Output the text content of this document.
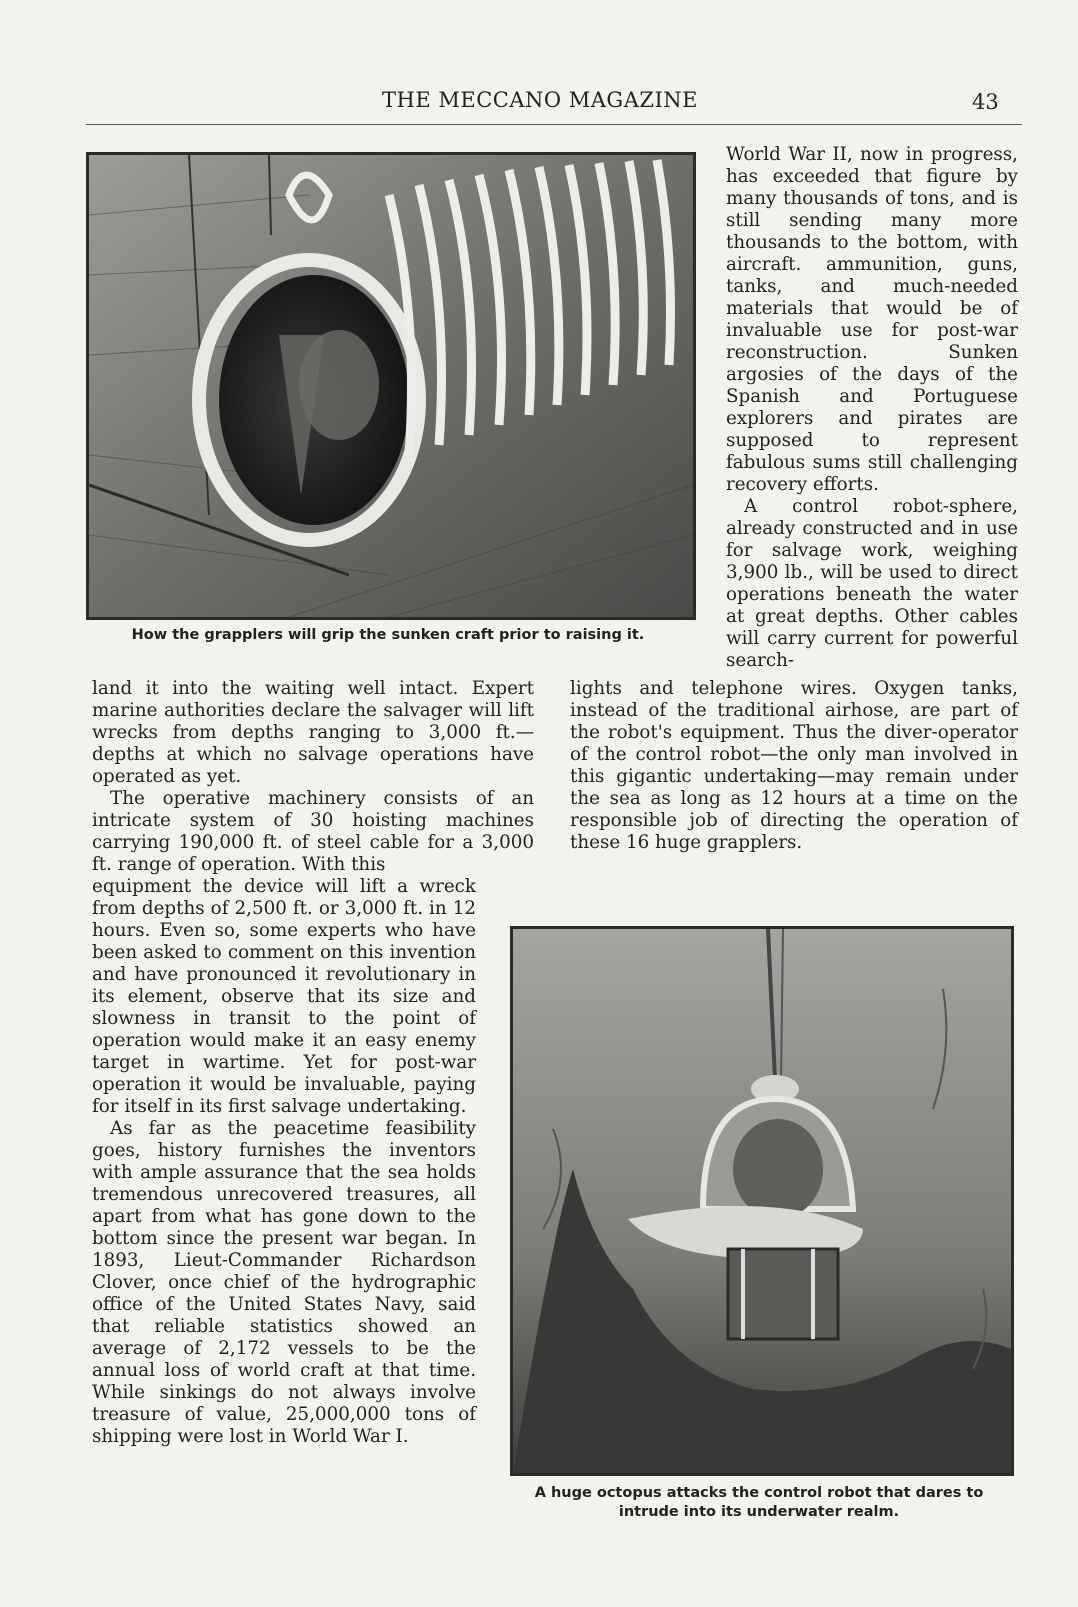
THE MECCANO MAGAZINE	43
How the grapplers will grip the sunken craft prior to raising it.

World War II, now in progress, has exceeded that figure by many thousands of tons, and is still sending many more thousands to the bottom, with aircraft. ammunition, guns, tanks, and much-needed materials that would be of invaluable use for post-war reconstruction. Sunken argosies of the days of the Spanish and Portuguese explorers and pirates are supposed to represent fabulous sums still challenging recovery efforts.

A control robot-sphere, already constructed and in use for salvage work, weighing 3,900 lb., will be used to direct operations beneath the water at great depths. Other cables will carry current for powerful search-

land it into the waiting well intact. Expert marine authorities declare the salvager will lift wrecks from depths ranging to 3,000 ft.—depths at which no salvage operations have operated as yet.

The operative machinery consists of an intricate system of 30 hoisting machines carrying 190,000 ft. of steel cable for a 3,000 ft. range of operation. With this

lights and telephone wires. Oxygen tanks, instead of the traditional airhose, are part of the robot's equipment. Thus the diver-operator of the control robot—the only man involved in this gigantic undertaking—may remain under the sea as long as 12 hours at a time on the responsible job of directing the operation of these 16 huge grapplers.

equipment the device will lift a wreck from depths of 2,500 ft. or 3,000 ft. in 12 hours. Even so, some experts who have been asked to comment on this invention and have pronounced it revolutionary in its element, observe that its size and slowness in transit to the point of operation would make it an easy enemy target in wartime. Yet for post-war operation it would be invaluable, paying for itself in its first salvage undertaking.

As far as the peacetime feasibility goes, history furnishes the inventors with ample assurance that the sea holds tremendous unrecovered treasures, all apart from what has gone down to the bottom since the present war began. In 1893, Lieut-Commander Richardson Clover, once chief of the hydrographic office of the United States Navy, said that reliable statistics showed an average of 2,172 vessels to be the annual loss of world craft at that time. While sinkings do not always involve treasure of value, 25,000,000 tons of shipping were lost in World War I.

A huge octopus attacks the control robot that dares to intrude into its underwater realm.
